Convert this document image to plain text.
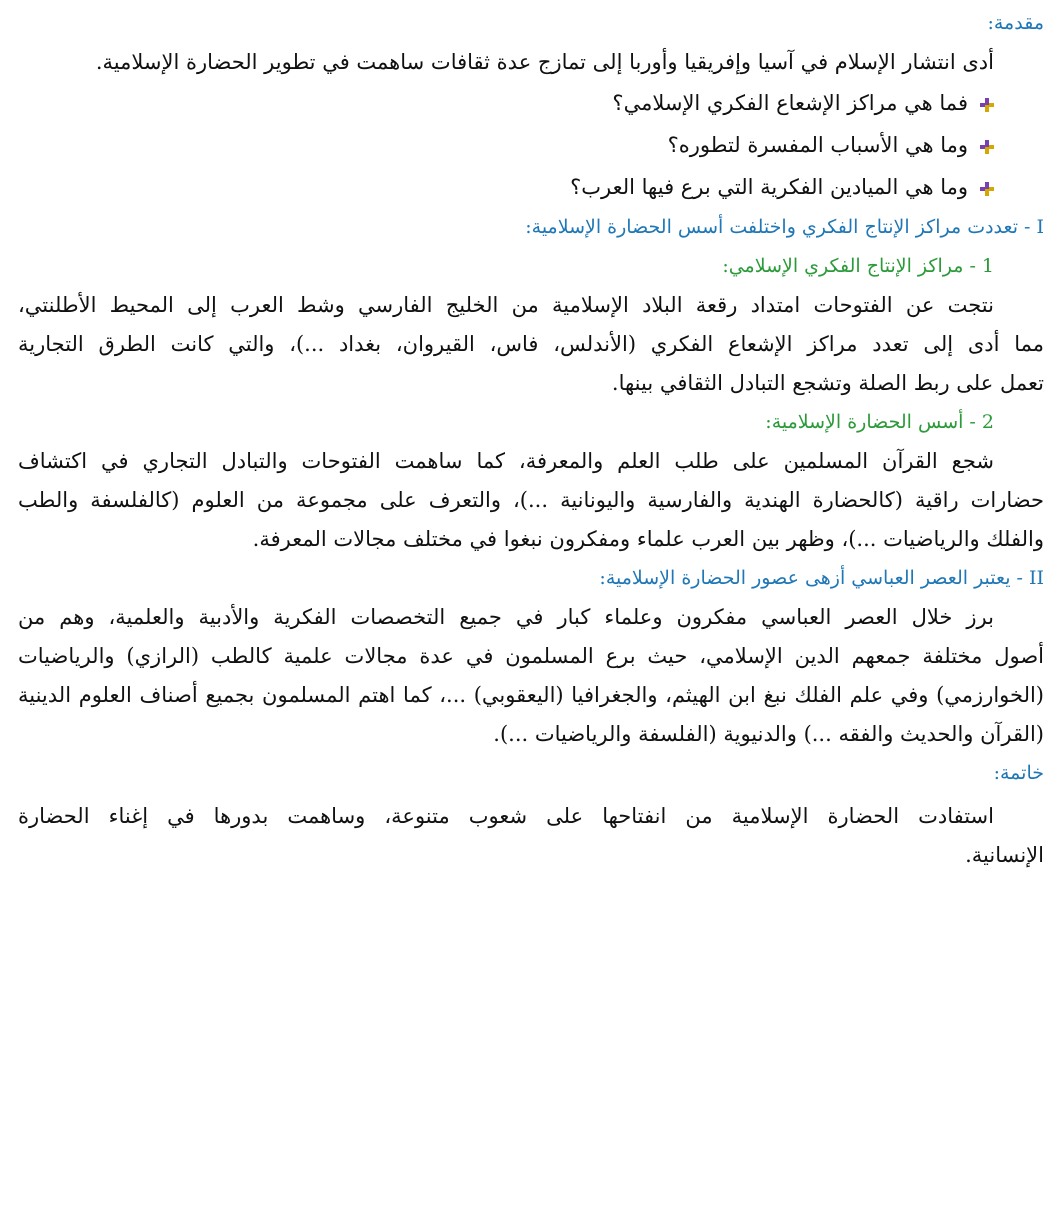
مقدمة:
أدى انتشار الإسلام في آسيا وإفريقيا وأوربا إلى تمازج عدة ثقافات ساهمت في تطوير الحضارة الإسلامية.
فما هي مراكز الإشعاع الفكري الإسلامي؟
وما هي الأسباب المفسرة لتطوره؟
وما هي الميادين الفكرية التي برع فيها العرب؟
I - تعددت مراكز الإنتاج الفكري واختلفت أسس الحضارة الإسلامية:
1 - مراكز الإنتاج الفكري الإسلامي:
نتجت عن الفتوحات امتداد رقعة البلاد الإسلامية من الخليج الفارسي وشط العرب إلى المحيط الأطلنتي،
مما أدى إلى تعدد مراكز الإشعاع الفكري (الأندلس، فاس، القيروان، بغداد ...)، والتي كانت الطرق التجارية
تعمل على ربط الصلة وتشجع التبادل الثقافي بينها.
2 - أسس الحضارة الإسلامية:
شجع القرآن المسلمين على طلب العلم والمعرفة، كما ساهمت الفتوحات والتبادل التجاري في اكتشاف
حضارات راقية (كالحضارة الهندية والفارسية واليونانية ...)، والتعرف على مجموعة من العلوم (كالفلسفة والطب
والفلك والرياضيات ...)، وظهر بين العرب علماء ومفكرون نبغوا في مختلف مجالات المعرفة.
II - يعتبر العصر العباسي أزهى عصور الحضارة الإسلامية:
برز خلال العصر العباسي مفكرون وعلماء كبار في جميع التخصصات الفكرية والأدبية والعلمية، وهم من
أصول مختلفة جمعهم الدين الإسلامي، حيث برع المسلمون في عدة مجالات علمية كالطب (الرازي) والرياضيات
(الخوارزمي) وفي علم الفلك نبغ ابن الهيثم، والجغرافيا (اليعقوبي) ...، كما اهتم المسلمون بجميع أصناف العلوم الدينية
(القرآن والحديث والفقه ...) والدنيوية (الفلسفة والرياضيات ...).
خاتمة:
استفادت الحضارة الإسلامية من انفتاحها على شعوب متنوعة، وساهمت بدورها في إغناء الحضارة
الإنسانية.
